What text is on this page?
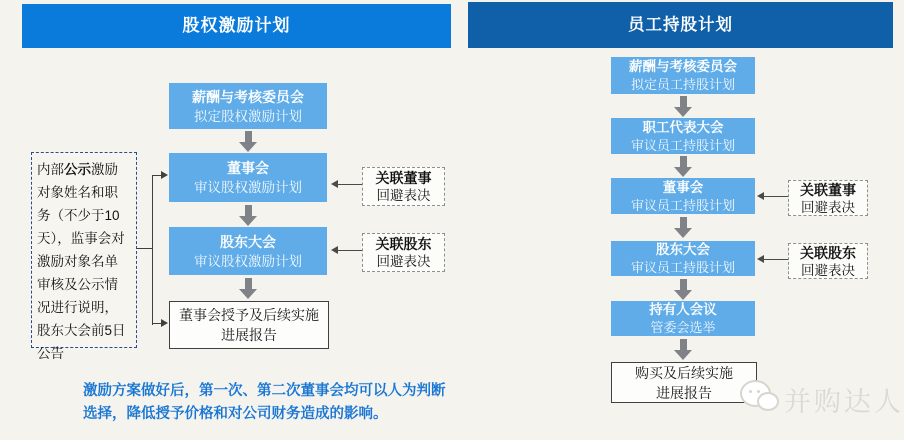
股权激励计划	员工持股计划
薪酬与考核委员会
拟定股权激励计划
董事会
审议股权激励计划
股东大会
审议股权激励计划
董事会授予及后续实施
进展报告
内部公示激励对象姓名和职务（不少于10天），监事会对激励对象名单审核及公示情况进行说明，股东大会前5日公告
关联董事
回避表决
关联股东
回避表决
薪酬与考核委员会
拟定员工持股计划
职工代表大会
审议员工持股计划
董事会
审议员工持股计划
股东大会
审议员工持股计划
持有人会议
管委会选举
购买及后续实施
进展报告
关联董事
回避表决
关联股东
回避表决
激励方案做好后，第一次、第二次董事会均可以人为判断
选择，降低授予价格和对公司财务造成的影响。	并购达人
